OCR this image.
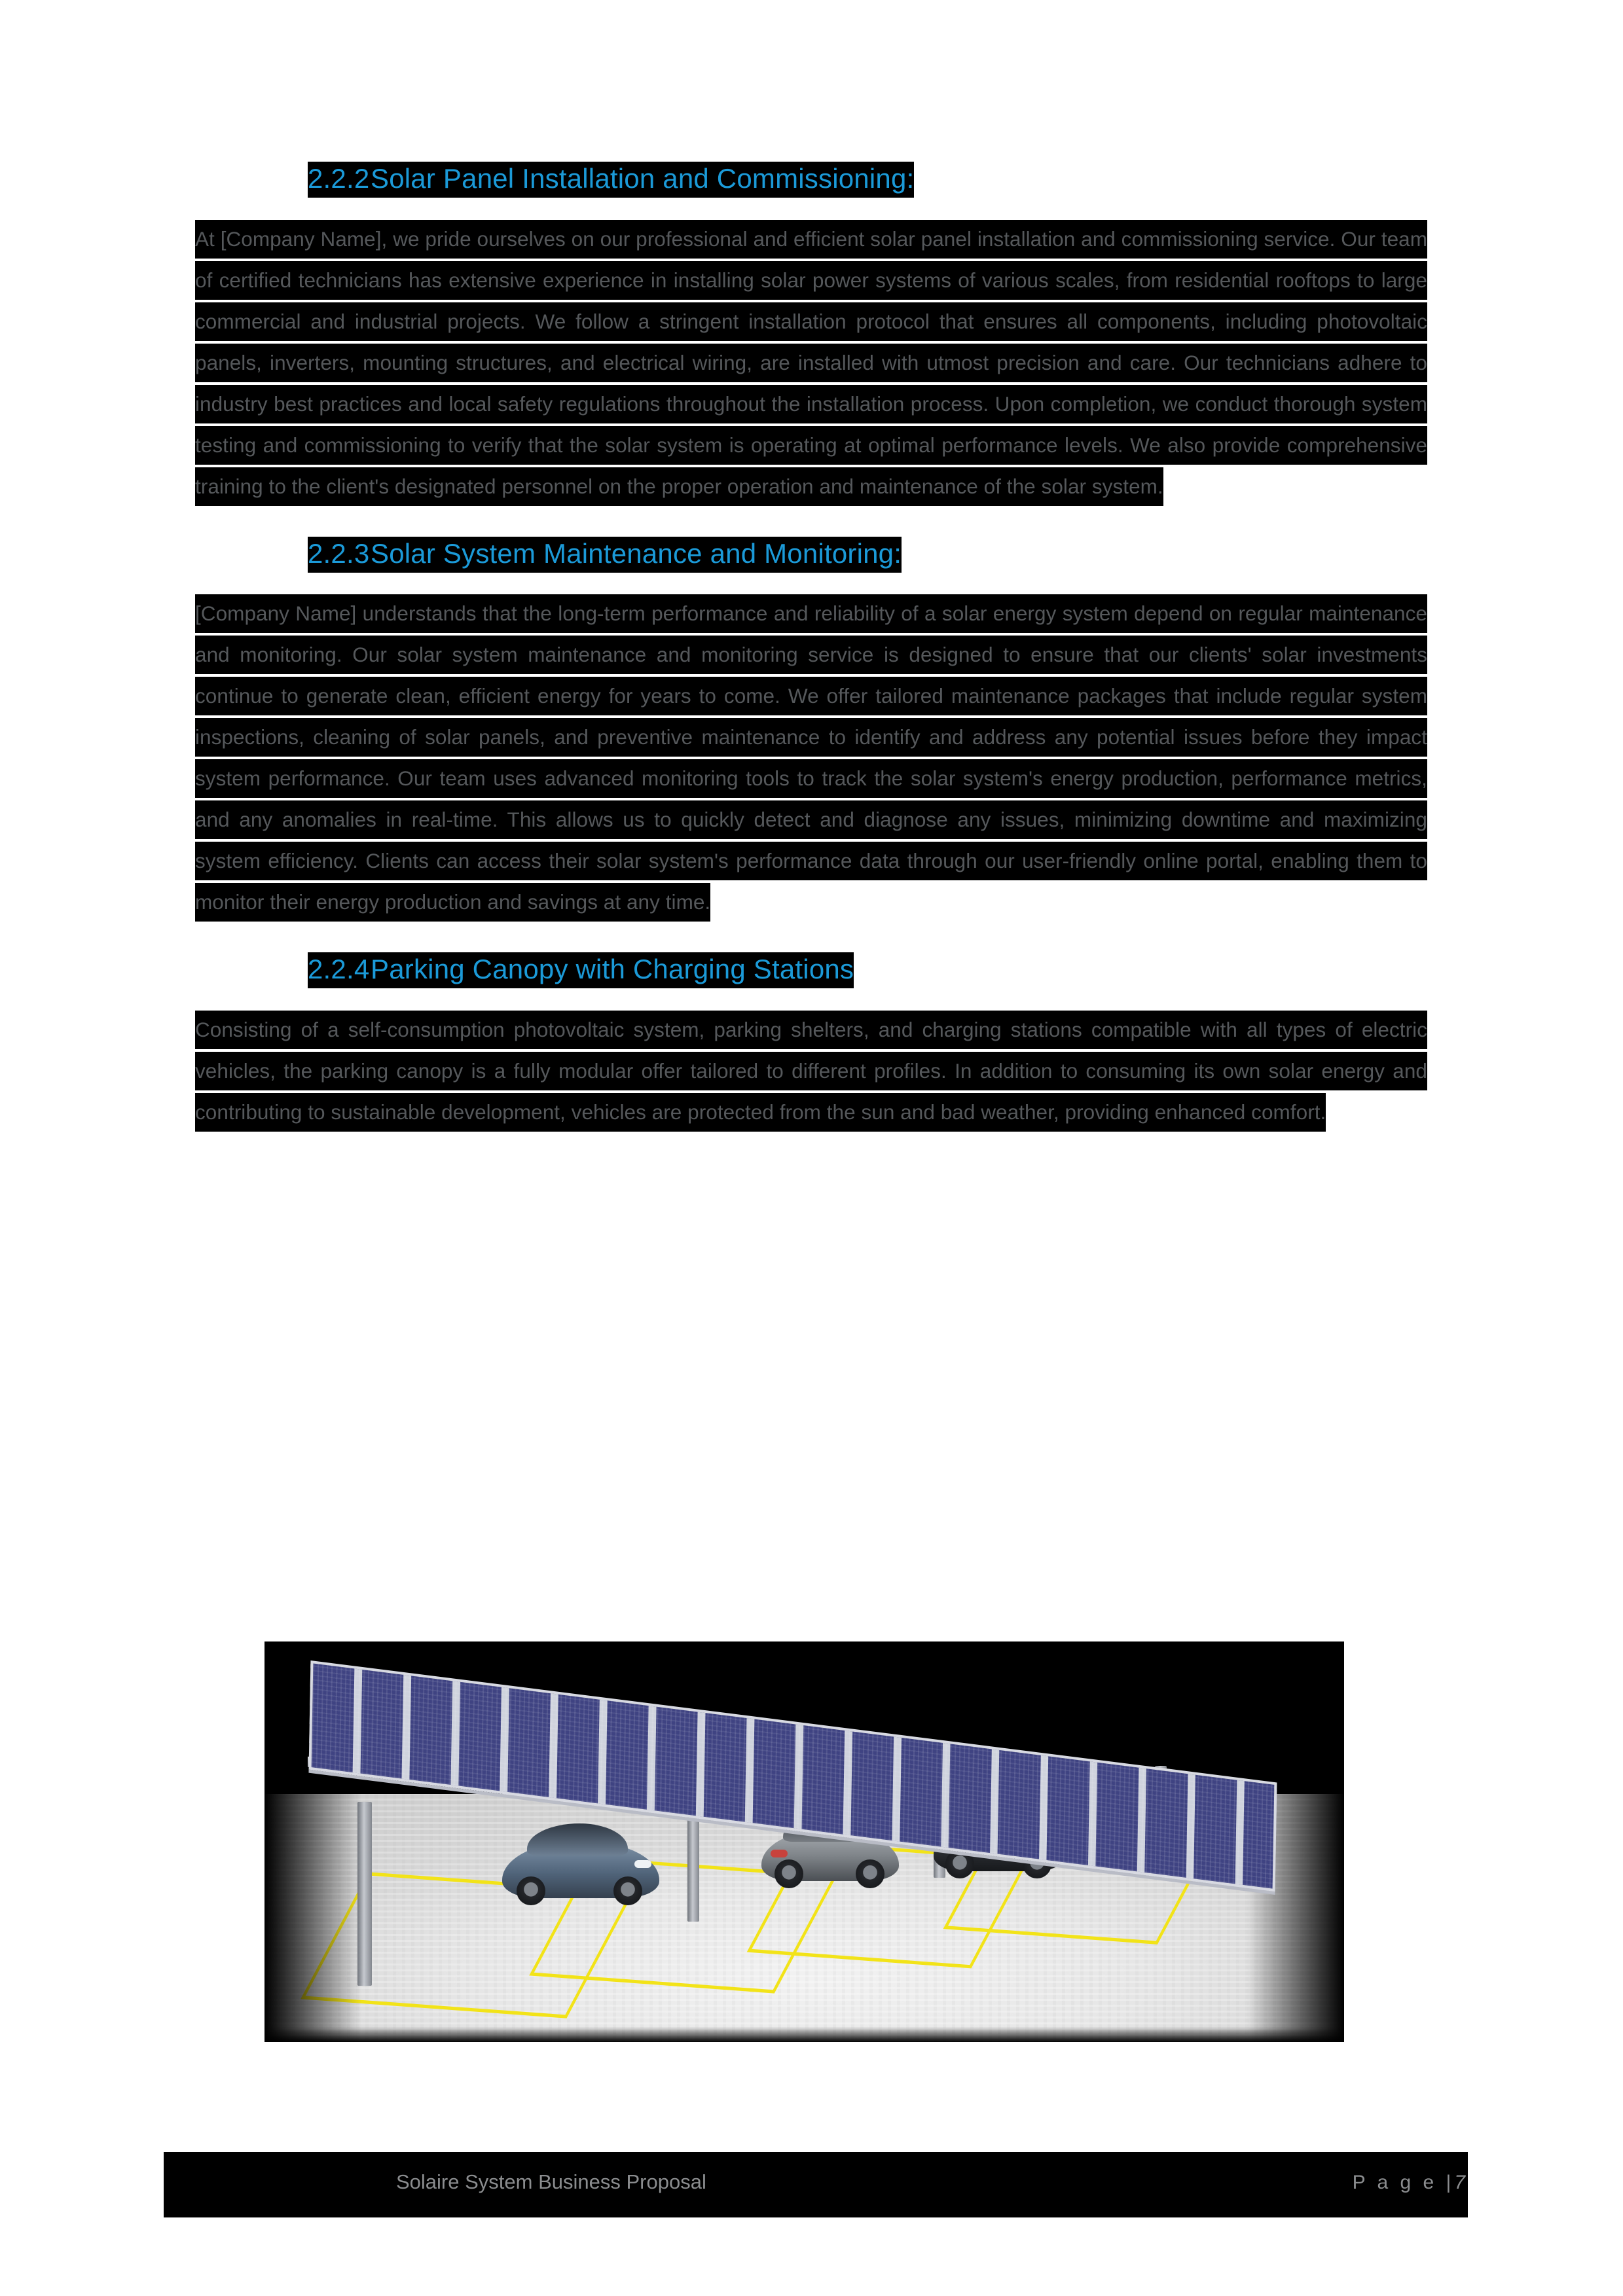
2.2.2Solar Panel Installation and Commissioning:

At [Company Name], we pride ourselves on our professional and efficient solar panel installation and commissioning service. Our team of certified technicians has extensive experience in installing solar power systems of various scales, from residential rooftops to large commercial and industrial projects. We follow a stringent installation protocol that ensures all components, including photovoltaic panels, inverters, mounting structures, and electrical wiring, are installed with utmost precision and care. Our technicians adhere to industry best practices and local safety regulations throughout the installation process. Upon completion, we conduct thorough system testing and commissioning to verify that the solar system is operating at optimal performance levels. We also provide comprehensive training to the client's designated personnel on the proper operation and maintenance of the solar system.

2.2.3Solar System Maintenance and Monitoring:

[Company Name] understands that the long-term performance and reliability of a solar energy system depend on regular maintenance and monitoring. Our solar system maintenance and monitoring service is designed to ensure that our clients' solar investments continue to generate clean, efficient energy for years to come. We offer tailored maintenance packages that include regular system inspections, cleaning of solar panels, and preventive maintenance to identify and address any potential issues before they impact system performance. Our team uses advanced monitoring tools to track the solar system's energy production, performance metrics, and any anomalies in real-time. This allows us to quickly detect and diagnose any issues, minimizing downtime and maximizing system efficiency. Clients can access their solar system's performance data through our user-friendly online portal, enabling them to monitor their energy production and savings at any time.

2.2.4Parking Canopy with Charging Stations

Consisting of a self-consumption photovoltaic system, parking shelters, and charging stations compatible with all types of electric vehicles, the parking canopy is a fully modular offer tailored to different profiles. In addition to consuming its own solar energy and contributing to sustainable development, vehicles are protected from the sun and bad weather, providing enhanced comfort.

Solaire System Business Proposal	P a g e |7
